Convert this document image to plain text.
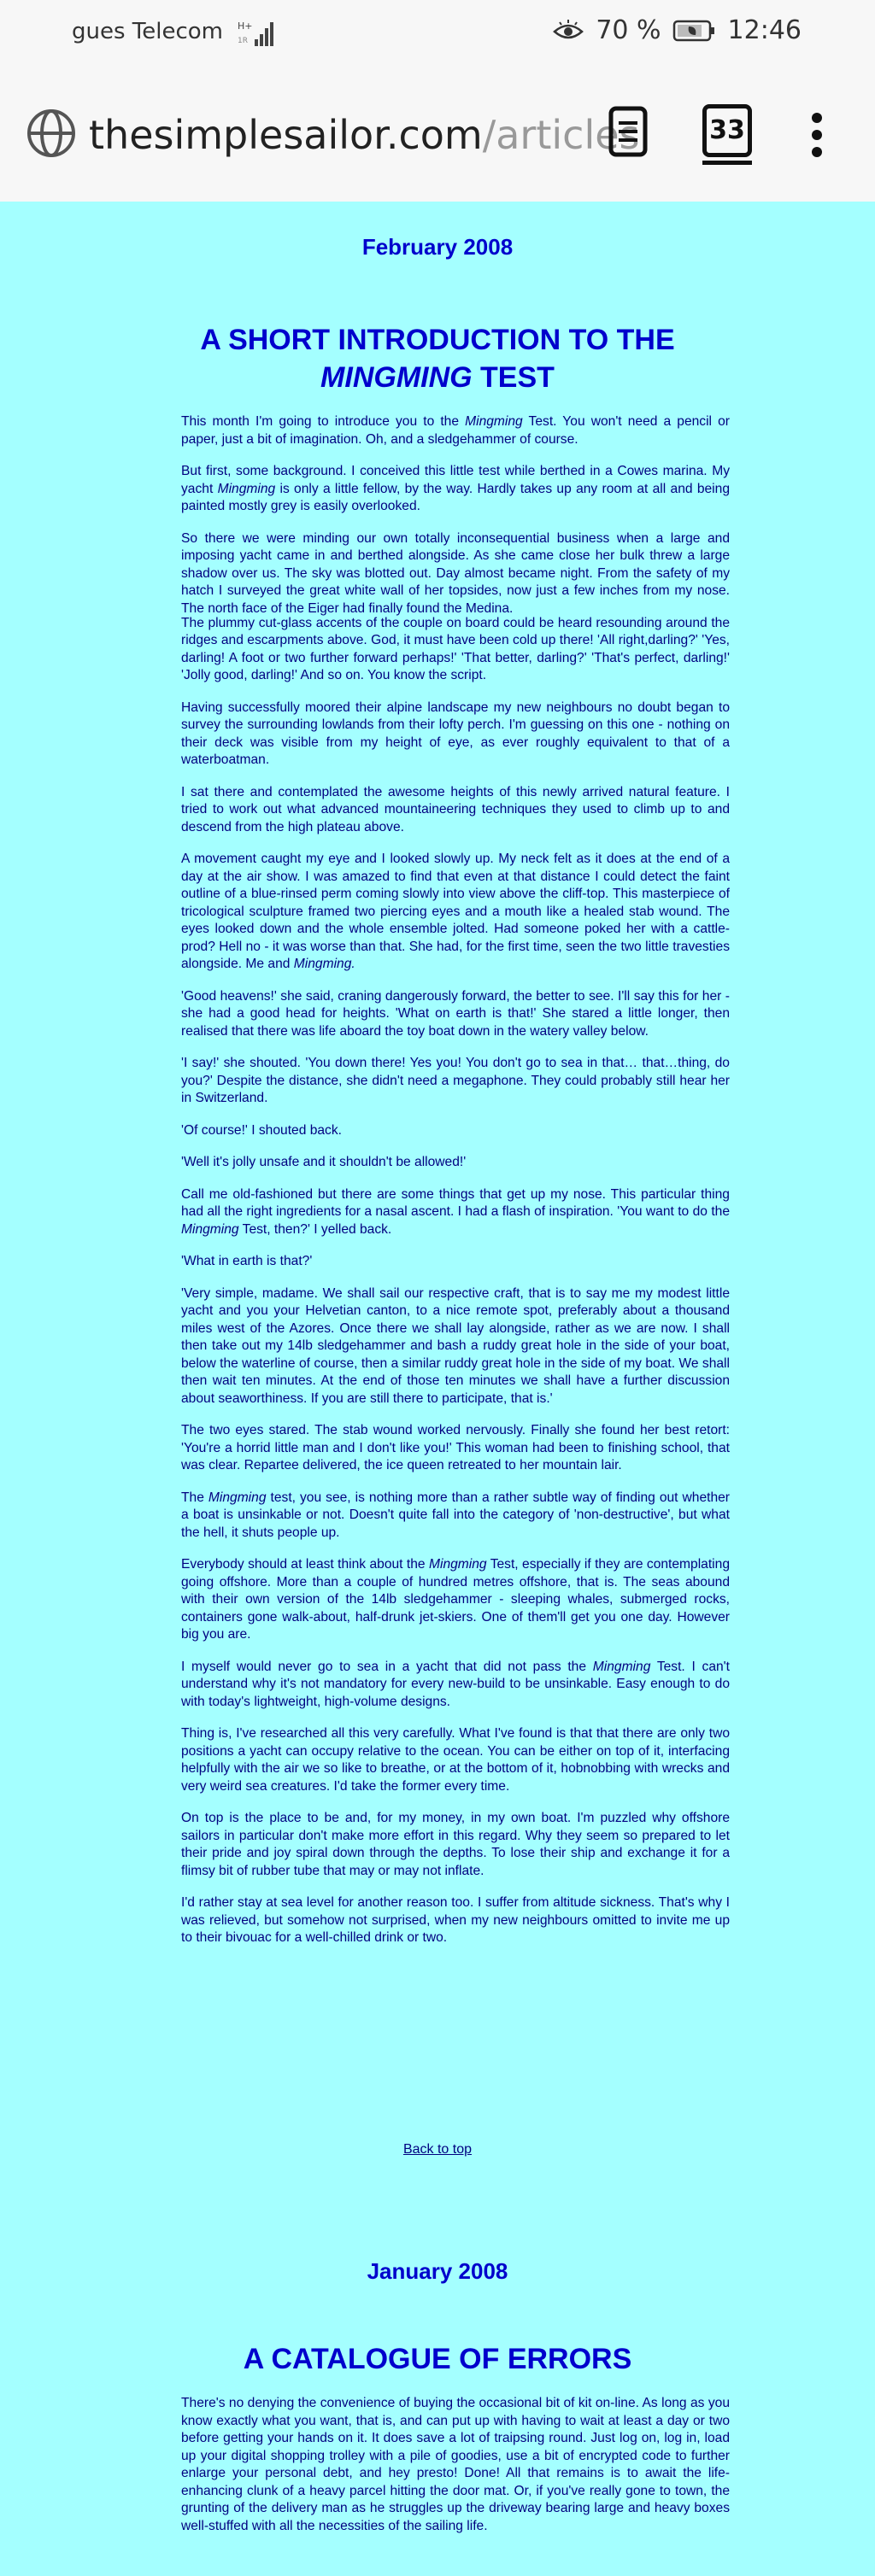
gues Telecom H+
1R	70 %	12:46
thesimplesailor.com/articles	33
February 2008
A SHORT INTRODUCTION TO THE
MINGMING TEST

This month I'm going to introduce you to the Mingming Test. You won't need a pencil or paper, just a bit of imagination. Oh, and a sledgehammer of course.

But first, some background. I conceived this little test while berthed in a Cowes marina. My yacht Mingming is only a little fellow, by the way. Hardly takes up any room at all and being painted mostly grey is easily overlooked.

So there we were minding our own totally inconsequential business when a large and imposing yacht came in and berthed alongside. As she came close her bulk threw a large shadow over us. The sky was blotted out. Day almost became night. From the safety of my hatch I surveyed the great white wall of her topsides, now just a few inches from my nose. The north face of the Eiger had finally found the Medina.

The plummy cut-glass accents of the couple on board could be heard resounding around the ridges and escarpments above. God, it must have been cold up there! 'All right,darling?' 'Yes, darling! A foot or two further forward perhaps!' 'That better, darling?' 'That's perfect, darling!' 'Jolly good, darling!' And so on. You know the script.

Having successfully moored their alpine landscape my new neighbours no doubt began to survey the surrounding lowlands from their lofty perch. I'm guessing on this one - nothing on their deck was visible from my height of eye, as ever roughly equivalent to that of a waterboatman.

I sat there and contemplated the awesome heights of this newly arrived natural feature. I tried to work out what advanced mountaineering techniques they used to climb up to and descend from the high plateau above.

A movement caught my eye and I looked slowly up. My neck felt as it does at the end of a day at the air show. I was amazed to find that even at that distance I could detect the faint outline of a blue-rinsed perm coming slowly into view above the cliff-top. This masterpiece of tricological sculpture framed two piercing eyes and a mouth like a healed stab wound. The eyes looked down and the whole ensemble jolted. Had someone poked her with a cattle-prod? Hell no - it was worse than that. She had, for the first time, seen the two little travesties alongside. Me and Mingming.

'Good heavens!' she said, craning dangerously forward, the better to see. I'll say this for her - she had a good head for heights. 'What on earth is that!' She stared a little longer, then realised that there was life aboard the toy boat down in the watery valley below.

'I say!' she shouted. 'You down there! Yes you! You don't go to sea in that… that…thing, do you?' Despite the distance, she didn't need a megaphone. They could probably still hear her in Switzerland.

'Of course!' I shouted back.

'Well it's jolly unsafe and it shouldn't be allowed!'

Call me old-fashioned but there are some things that get up my nose. This particular thing had all the right ingredients for a nasal ascent. I had a flash of inspiration. 'You want to do the Mingming Test, then?' I yelled back.

'What in earth is that?'

'Very simple, madame. We shall sail our respective craft, that is to say me my modest little yacht and you your Helvetian canton, to a nice remote spot, preferably about a thousand miles west of the Azores. Once there we shall lay alongside, rather as we are now. I shall then take out my 14lb sledgehammer and bash a ruddy great hole in the side of your boat, below the waterline of course, then a similar ruddy great hole in the side of my boat. We shall then wait ten minutes. At the end of those ten minutes we shall have a further discussion about seaworthiness. If you are still there to participate, that is.'

The two eyes stared. The stab wound worked nervously. Finally she found her best retort: 'You're a horrid little man and I don't like you!' This woman had been to finishing school, that was clear. Repartee delivered, the ice queen retreated to her mountain lair.

The Mingming test, you see, is nothing more than a rather subtle way of finding out whether a boat is unsinkable or not. Doesn't quite fall into the category of 'non-destructive', but what the hell, it shuts people up.

Everybody should at least think about the Mingming Test, especially if they are contemplating going offshore. More than a couple of hundred metres offshore, that is. The seas abound with their own version of the 14lb sledgehammer - sleeping whales, submerged rocks, containers gone walk-about, half-drunk jet-skiers. One of them'll get you one day. However big you are.

I myself would never go to sea in a yacht that did not pass the Mingming Test. I can't understand why it's not mandatory for every new-build to be unsinkable. Easy enough to do with today's lightweight, high-volume designs.

Thing is, I've researched all this very carefully. What I've found is that that there are only two positions a yacht can occupy relative to the ocean. You can be either on top of it, interfacing helpfully with the air we so like to breathe, or at the bottom of it, hobnobbing with wrecks and very weird sea creatures. I'd take the former every time.

On top is the place to be and, for my money, in my own boat. I'm puzzled why offshore sailors in particular don't make more effort in this regard. Why they seem so prepared to let their pride and joy spiral down through the depths. To lose their ship and exchange it for a flimsy bit of rubber tube that may or may not inflate.

I'd rather stay at sea level for another reason too. I suffer from altitude sickness. That's why I was relieved, but somehow not surprised, when my new neighbours omitted to invite me up to their bivouac for a well-chilled drink or two.

Back to top
January 2008
A CATALOGUE OF ERRORS

There's no denying the convenience of buying the occasional bit of kit on-line. As long as you know exactly what you want, that is, and can put up with having to wait at least a day or two before getting your hands on it. It does save a lot of traipsing round. Just log on, log in, load up your digital shopping trolley with a pile of goodies, use a bit of encrypted code to further enlarge your personal debt, and hey presto! Done! All that remains is to await the life-enhancing clunk of a heavy parcel hitting the door mat. Or, if you've really gone to town, the grunting of the delivery man as he struggles up the driveway bearing large and heavy boxes well-stuffed with all the necessities of the sailing life.
